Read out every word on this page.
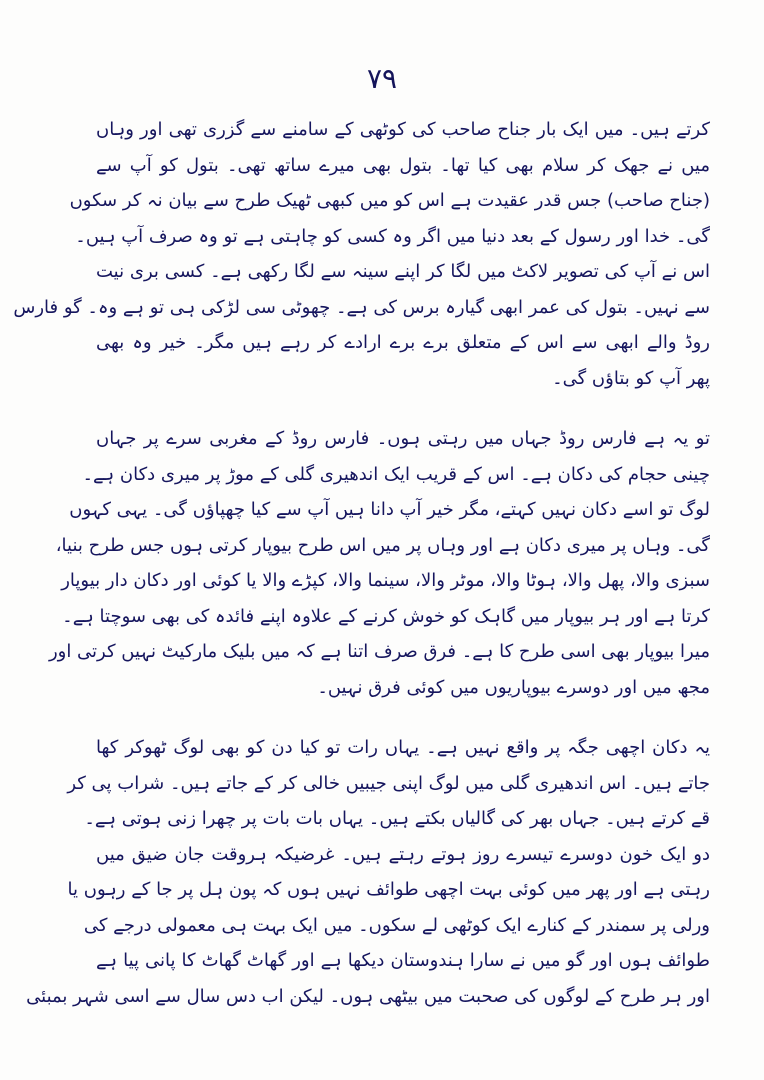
۷۹
کرتے ہیں۔ میں ایک بار جناح صاحب کی کوٹھی کے سامنے سے گزری تھی اور وہاں
میں نے جھک کر سلام بھی کیا تھا۔ بتول بھی میرے ساتھ تھی۔ بتول کو آپ سے
(جناح صاحب) جس قدر عقیدت ہے اس کو میں کبھی ٹھیک طرح سے بیان نہ کر سکوں
گی۔ خدا اور رسول کے بعد دنیا میں اگر وہ کسی کو چاہتی ہے تو وہ صرف آپ ہیں۔
اس نے آپ کی تصویر لاکٹ میں لگا کر اپنے سینہ سے لگا رکھی ہے۔ کسی بری نیت
سے نہیں۔ بتول کی عمر ابھی گیارہ برس کی ہے۔ چھوٹی سی لڑکی ہی تو ہے وہ۔ گو فارس
روڈ والے ابھی سے اس کے متعلق برے برے ارادے کر رہے ہیں مگر۔ خیر وہ بھی
پھر آپ کو بتاؤں گی۔
تو یہ ہے فارس روڈ جہاں میں رہتی ہوں۔ فارس روڈ کے مغربی سرے پر جہاں
چینی حجام کی دکان ہے۔ اس کے قریب ایک اندھیری گلی کے موڑ پر میری دکان ہے۔
لوگ تو اسے دکان نہیں کہتے، مگر خیر آپ دانا ہیں آپ سے کیا چھپاؤں گی۔ یہی کہوں
گی۔ وہاں پر میری دکان ہے اور وہاں پر میں اس طرح بیوپار کرتی ہوں جس طرح بنیا،
سبزی والا، پھل والا، ہوٹا والا، موٹر والا، سینما والا، کپڑے والا یا کوئی اور دکان دار بیوپار
کرتا ہے اور ہر بیوپار میں گاہک کو خوش کرنے کے علاوہ اپنے فائدہ کی بھی سوچتا ہے۔
میرا بیوپار بھی اسی طرح کا ہے۔ فرق صرف اتنا ہے کہ میں بلیک مارکیٹ نہیں کرتی اور
مجھ میں اور دوسرے بیوپاریوں میں کوئی فرق نہیں۔
یہ دکان اچھی جگہ پر واقع نہیں ہے۔ یہاں رات تو کیا دن کو بھی لوگ ٹھوکر کھا
جاتے ہیں۔ اس اندھیری گلی میں لوگ اپنی جیبیں خالی کر کے جاتے ہیں۔ شراب پی کر
قے کرتے ہیں۔ جہاں بھر کی گالیاں بکتے ہیں۔ یہاں بات بات پر چھرا زنی ہوتی ہے۔
دو ایک خون دوسرے تیسرے روز ہوتے رہتے ہیں۔ غرضیکہ ہروقت جان ضیق میں
رہتی ہے اور پھر میں کوئی بہت اچھی طوائف نہیں ہوں کہ پون ہل پر جا کے رہوں یا
ورلی پر سمندر کے کنارے ایک کوٹھی لے سکوں۔ میں ایک بہت ہی معمولی درجے کی
طوائف ہوں اور گو میں نے سارا ہندوستان دیکھا ہے اور گھاٹ گھاٹ کا پانی پیا ہے
اور ہر طرح کے لوگوں کی صحبت میں بیٹھی ہوں۔ لیکن اب دس سال سے اسی شہر بمبئی
